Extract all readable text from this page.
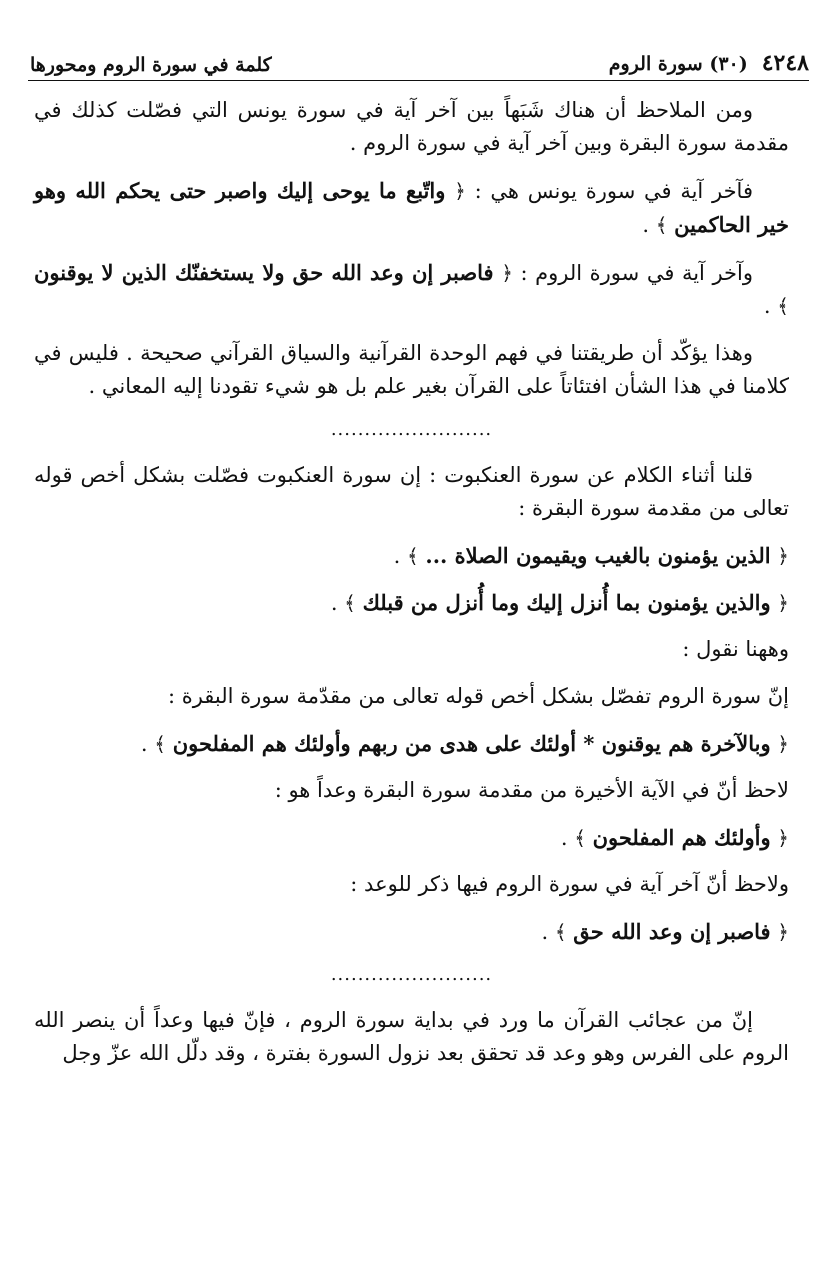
٤٢٤٨
(٣٠) سورة الروم
كلمة في سورة الروم ومحورها

ومن الملاحظ أن هناك شَبَهاً بين آخر آية في سورة يونس التي فصّلت كذلك في مقدمة سورة البقرة وبين آخر آية في سورة الروم .

فآخر آية في سورة يونس هي : ﴿ واتّبع ما يوحى إليك واصبر حتى يحكم الله وهو خير الحاكمين ﴾ .

وآخر آية في سورة الروم : ﴿ فاصبر إن وعد الله حق ولا يستخفنّك الذين لا يوقنون ﴾ .

وهذا يؤكّد أن طريقتنا في فهم الوحدة القرآنية والسياق القرآني صحيحة . فليس في كلامنا في هذا الشأن افتئاتاً على القرآن بغير علم بل هو شيء تقودنا إليه المعاني .

........................

قلنا أثناء الكلام عن سورة العنكبوت : إن سورة العنكبوت فصّلت بشكل أخص قوله تعالى من مقدمة سورة البقرة :

﴿ الذين يؤمنون بالغيب ويقيمون الصلاة ... ﴾ .
﴿ والذين يؤمنون بما أُنزل إليك وما أُنزل من قبلك ﴾ .

وههنا نقول :

إنّ سورة الروم تفصّل بشكل أخص قوله تعالى من مقدّمة سورة البقرة :

﴿ وبالآخرة هم يوقنون * أولئك على هدى من ربهم وأولئك هم المفلحون ﴾ .

لاحظ أنّ في الآية الأخيرة من مقدمة سورة البقرة وعداً هو :

﴿ وأولئك هم المفلحون ﴾ .

ولاحظ أنّ آخر آية في سورة الروم فيها ذكر للوعد :

﴿ فاصبر إن وعد الله حق ﴾ .
........................

إنّ من عجائب القرآن ما ورد في بداية سورة الروم ، فإنّ فيها وعداً أن ينصر الله الروم على الفرس وهو وعد قد تحقق بعد نزول السورة بفترة ، وقد دلّل الله عزّ وجل
